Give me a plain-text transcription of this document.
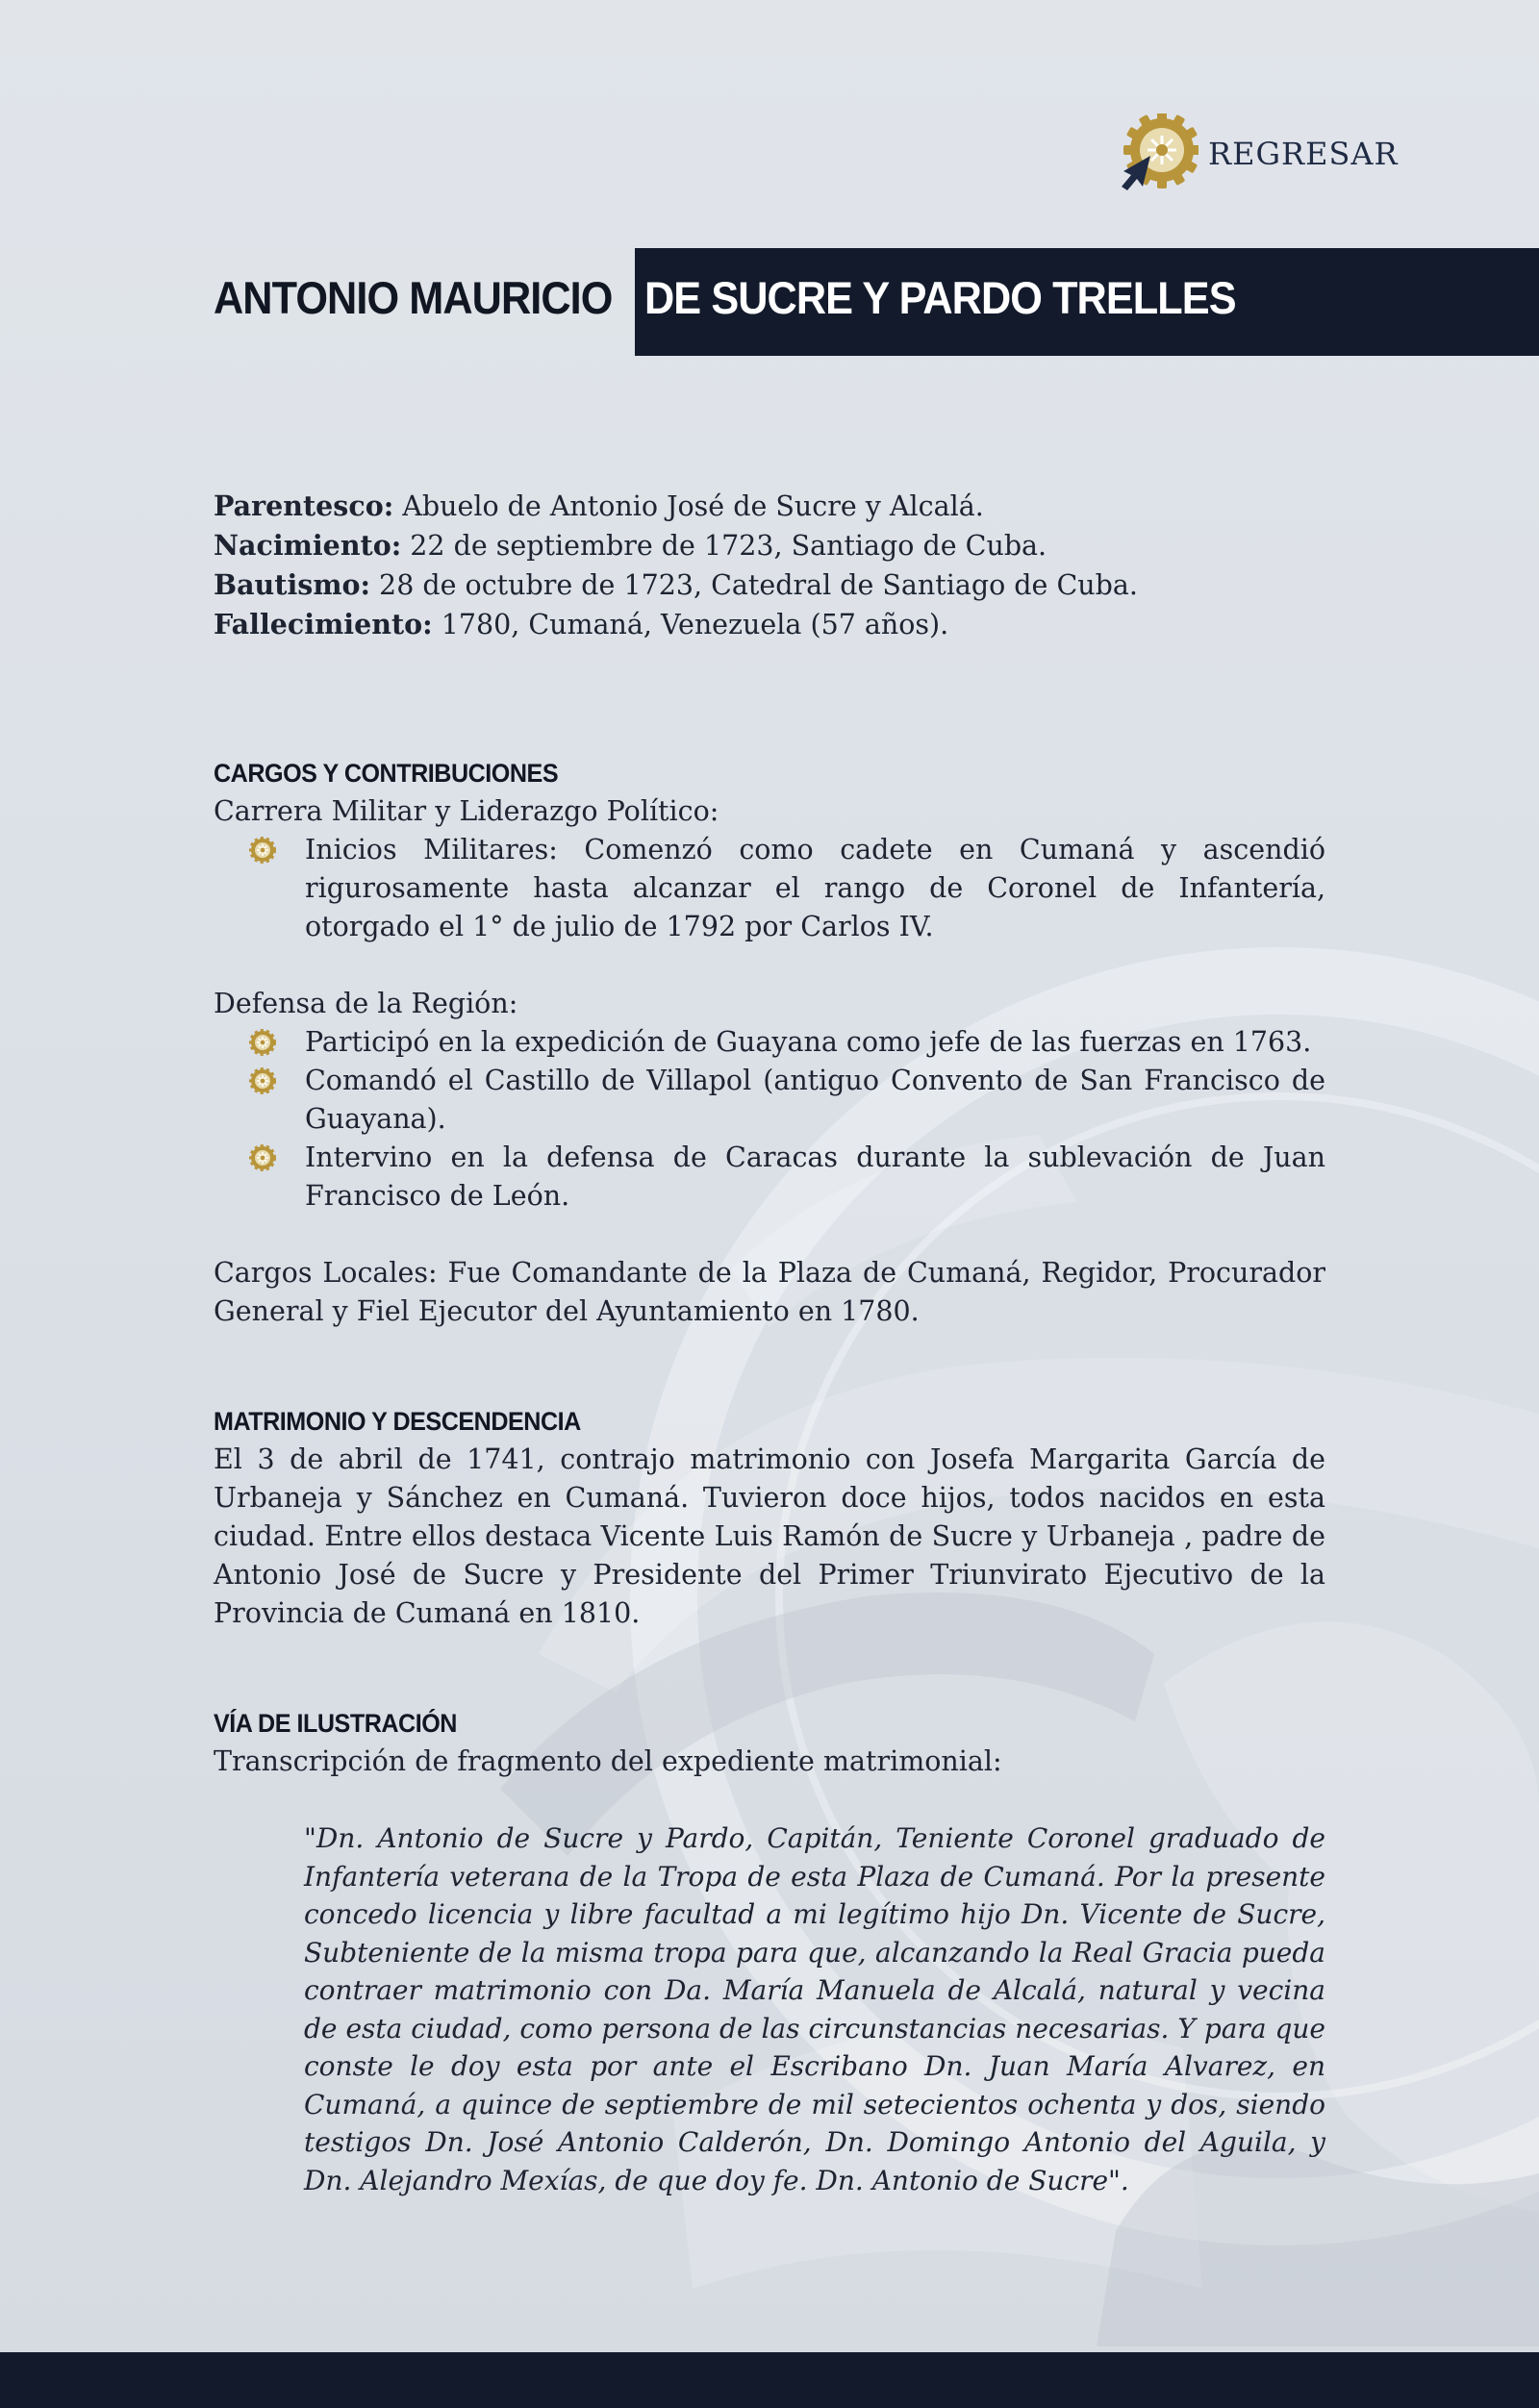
REGRESAR
ANTONIO MAURICIO DE SUCRE Y PARDO TRELLES

Parentesco: Abuelo de Antonio José de Sucre y Alcalá.

Nacimiento: 22 de septiembre de 1723, Santiago de Cuba.

Bautismo: 28 de octubre de 1723, Catedral de Santiago de Cuba.

Fallecimiento: 1780, Cumaná, Venezuela (57 años).

CARGOS Y CONTRIBUCIONES

Carrera Militar y Liderazgo Político:

Inicios Militares: Comenzó como cadete en Cumaná y ascendió rigurosamente hasta alcanzar el rango de Coronel de Infantería, otorgado el 1° de julio de 1792 por Carlos IV.

Defensa de la Región:

Participó en la expedición de Guayana como jefe de las fuerzas en 1763.
Comandó el Castillo de Villapol (antiguo Convento de San Francisco de Guayana).
Intervino en la defensa de Caracas durante la sublevación de Juan Francisco de León.

Cargos Locales: Fue Comandante de la Plaza de Cumaná, Regidor, Procurador General y Fiel Ejecutor del Ayuntamiento en 1780.

MATRIMONIO Y DESCENDENCIA

El 3 de abril de 1741, contrajo matrimonio con Josefa Margarita García de Urbaneja y Sánchez en Cumaná. Tuvieron doce hijos, todos nacidos en esta ciudad. Entre ellos destaca Vicente Luis Ramón de Sucre y Urbaneja , padre de Antonio José de Sucre y Presidente del Primer Triunvirato Ejecutivo de la Provincia de Cumaná en 1810.

VÍA DE ILUSTRACIÓN

Transcripción de fragmento del expediente matrimonial:

"Dn. Antonio de Sucre y Pardo, Capitán, Teniente Coronel graduado de Infantería veterana de la Tropa de esta Plaza de Cumaná. Por la presente concedo licencia y libre facultad a mi legítimo hijo Dn. Vicente de Sucre, Subteniente de la misma tropa para que, alcanzando la Real Gracia pueda contraer matrimonio con Da. María Manuela de Alcalá, natural y vecina de esta ciudad, como persona de las circunstancias necesarias. Y para que conste le doy esta por ante el Escribano Dn. Juan María Alvarez, en Cumaná, a quince de septiembre de mil setecientos ochenta y dos, siendo testigos Dn. José Antonio Calderón, Dn. Domingo Antonio del Aguila, y Dn. Alejandro Mexías, de que doy fe. Dn. Antonio de Sucre".
